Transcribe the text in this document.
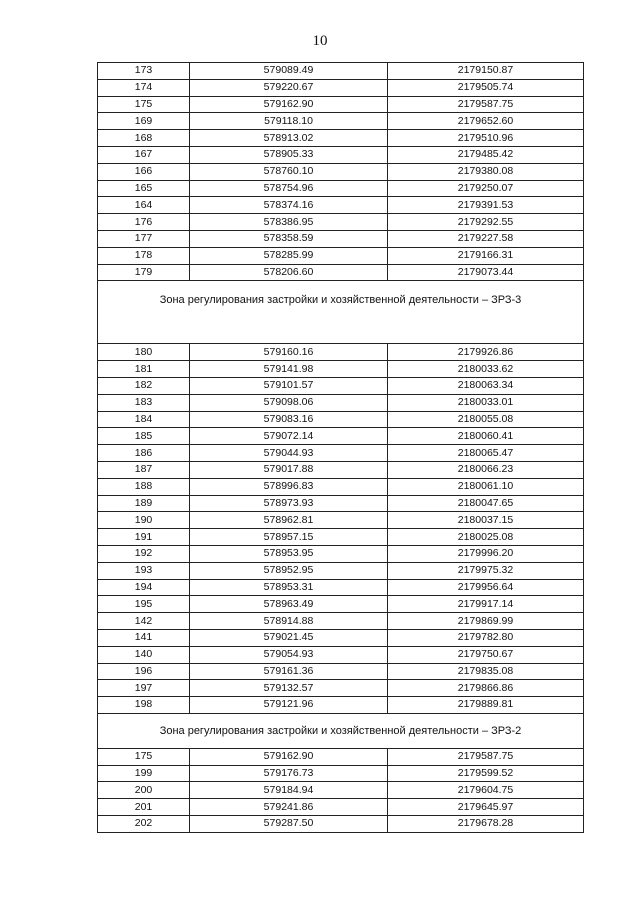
10
173	579089.49	2179150.87
174	579220.67	2179505.74
175	579162.90	2179587.75
169	579118.10	2179652.60
168	578913.02	2179510.96
167	578905.33	2179485.42
166	578760.10	2179380.08
165	578754.96	2179250.07
164	578374.16	2179391.53
176	578386.95	2179292.55
177	578358.59	2179227.58
178	578285.99	2179166.31
179	578206.60	2179073.44
Зона регулирования застройки и хозяйственной деятельности – ЗРЗ-3		
180	579160.16	2179926.86
181	579141.98	2180033.62
182	579101.57	2180063.34
183	579098.06	2180033.01
184	579083.16	2180055.08
185	579072.14	2180060.41
186	579044.93	2180065.47
187	579017.88	2180066.23
188	578996.83	2180061.10
189	578973.93	2180047.65
190	578962.81	2180037.15
191	578957.15	2180025.08
192	578953.95	2179996.20
193	578952.95	2179975.32
194	578953.31	2179956.64
195	578963.49	2179917.14
142	578914.88	2179869.99
141	579021.45	2179782.80
140	579054.93	2179750.67
196	579161.36	2179835.08
197	579132.57	2179866.86
198	579121.96	2179889.81
Зона регулирования застройки и хозяйственной деятельности – ЗРЗ-2		
175	579162.90	2179587.75
199	579176.73	2179599.52
200	579184.94	2179604.75
201	579241.86	2179645.97
202	579287.50	2179678.28
